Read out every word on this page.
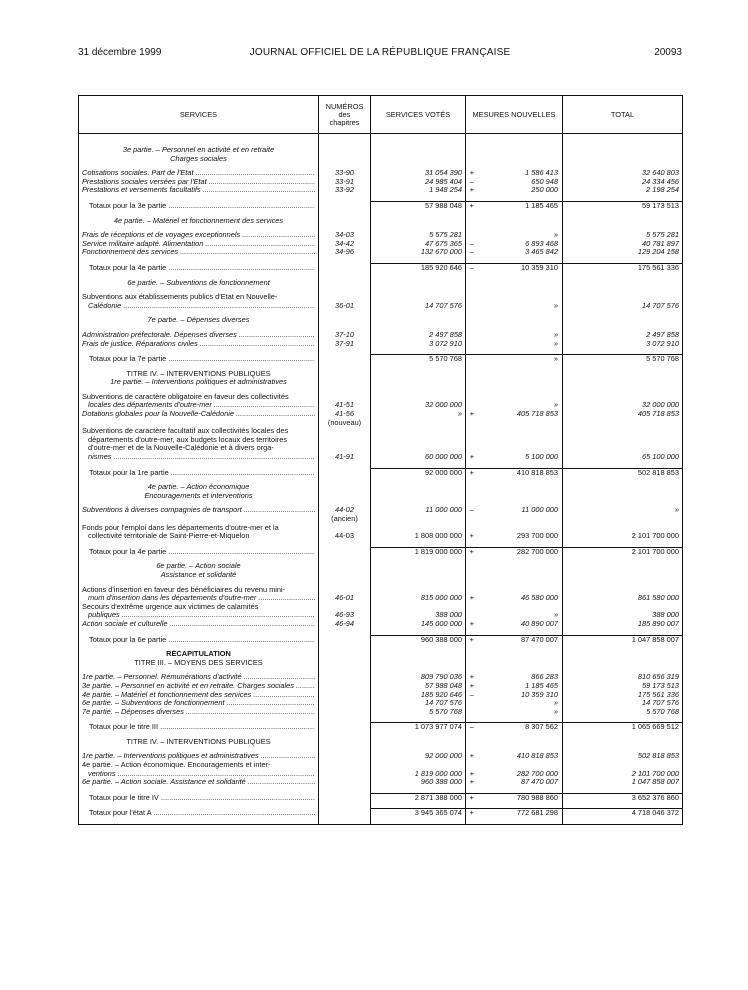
31 décembre 1999	JOURNAL OFFICIEL DE LA RÉPUBLIQUE FRANÇAISE	20093
SERVICES	NUMÉROS
des
chapitres	SERVICES VOTÉS	MESURES NOUVELLES		TOTAL

3e partie. – Personnel en activité et en retraite					
Charges sociales					

Cotisations sociales. Part de l'Etat .....	33-90	31 054 390	+	1 586 413	32 640 803

Prestations sociales versées par l'Etat .....	33-91	24 985 404	–	650 948	24 334 456

Prestations et versements facultatifs .....	33-92	1 948 254	+	250 000	2 198 254

Totaux pour la 3e partie .....		57 988 048	+	1 185 465	59 173 513

4e partie. – Matériel et fonctionnement des services					

Frais de réceptions et de voyages exceptionnels .....	34-03	5 575 281		»	5 575 281

Service militaire adapté. Alimentation .....	34-42	47 675 365	–	6 893 468	40 781 897

Fonctionnement des services .....	34-96	132 670 000	–	3 465 842	129 204 158

Totaux pour la 4e partie .....		185 920 646	–	10 359 310	175 561 336

6e partie. – Subventions de fonctionnement					

Subventions aux établissements publics d'Etat en Nouvelle-					

Calédonie .....	36-01	14 707 576		»	14 707 576

7e partie. – Dépenses diverses					

Administration préfectorale. Dépenses diverses .....	37-10	2 497 858		»	2 497 858

Frais de justice. Réparations civiles .....	37-91	3 072 910		»	3 072 910

Totaux pour la 7e partie .....		5 570 768		»	5 570 768

TITRE IV. – INTERVENTIONS PUBLIQUES					
1re partie. – Interventions politiques et administratives					

Subventions de caractère obligatoire en faveur des collectivités					

locales des départements d'outre-mer .....	41-51	32 000 000		»	32 000 000

Dotations globales pour la Nouvelle-Calédonie .....	41-56	»	+	405 718 853	405 718 853
	(nouveau)				
Subventions de caractère facultatif aux collectivités locales des					
départements d'outre-mer, aux budgets locaux des territoires					
d'outre-mer et de la Nouvelle-Calédonie et à divers orga-					

nismes .....	41-91	60 000 000	+	5 100 000	65 100 000

Totaux pour la 1re partie .....		92 000 000	+	410 818 853	502 818 853

4e partie. – Action économique					
Encouragements et interventions					

Subventions à diverses compagnies de transport .....	44-02	11 000 000	–	11 000 000	»
	(ancien)				
Fonds pour l'emploi dans les départements d'outre-mer et la					
collectivité territoriale de Saint-Pierre-et-Miquelon	44-03	1 808 000 000	+	293 700 000	2 101 700 000

Totaux pour la 4e partie .....		1 819 000 000	+	282 700 000	2 101 700 000

6e partie. – Action sociale					
Assistance et solidarité					

Actions d'insertion en faveur des bénéficiaires du revenu mini-					

mum d'insertion dans les départements d'outre-mer .....	46-01	815 000 000	+	46 580 000	861 580 000
Secours d'extrême urgence aux victimes de calamités					

publiques .....	46-93	388 000		»	388 000

Action sociale et culturelle .....	46-94	145 000 000	+	40 890 007	185 890 007

Totaux pour la 6e partie .....		960 388 000	+	87 470 007	1 047 858 007

RÉCAPITULATION					
TITRE III. – MOYENS DES SERVICES					

1re partie. – Personnel. Rémunérations d'activité .....		809 790 036	+	866 283	810 656 319

3e partie. – Personnel en activité et en retraite. Charges sociales .....		57 988 048	+	1 185 465	59 173 513

4e partie. – Matériel et fonctionnement des services .....		185 920 646	–	10 359 310	175 561 336

6e partie. – Subventions de fonctionnement .....		14 707 576		»	14 707 576

7e partie. – Dépenses diverses .....		5 570 768		»	5 570 768

Totaux pour le titre III .....		1 073 977 074	–	8 307 562	1 065 669 512

TITRE IV. – INTERVENTIONS PUBLIQUES					

1re partie. – Interventions politiques et administratives .....		92 000 000	+	410 818 853	502 818 853
4e partie. – Action économique. Encouragements et inter-					

ventions .....		1 819 000 000	+	282 700 000	2 101 700 000

6e partie. – Action sociale. Assistance et solidarité .....		960 388 000	+	87 470 007	1 047 858 007

Totaux pour le titre IV .....		2 871 388 000	+	780 988 860	3 652 376 860

Totaux pour l'état A .....		3 945 365 074	+	772 681 298	4 718 046 372
